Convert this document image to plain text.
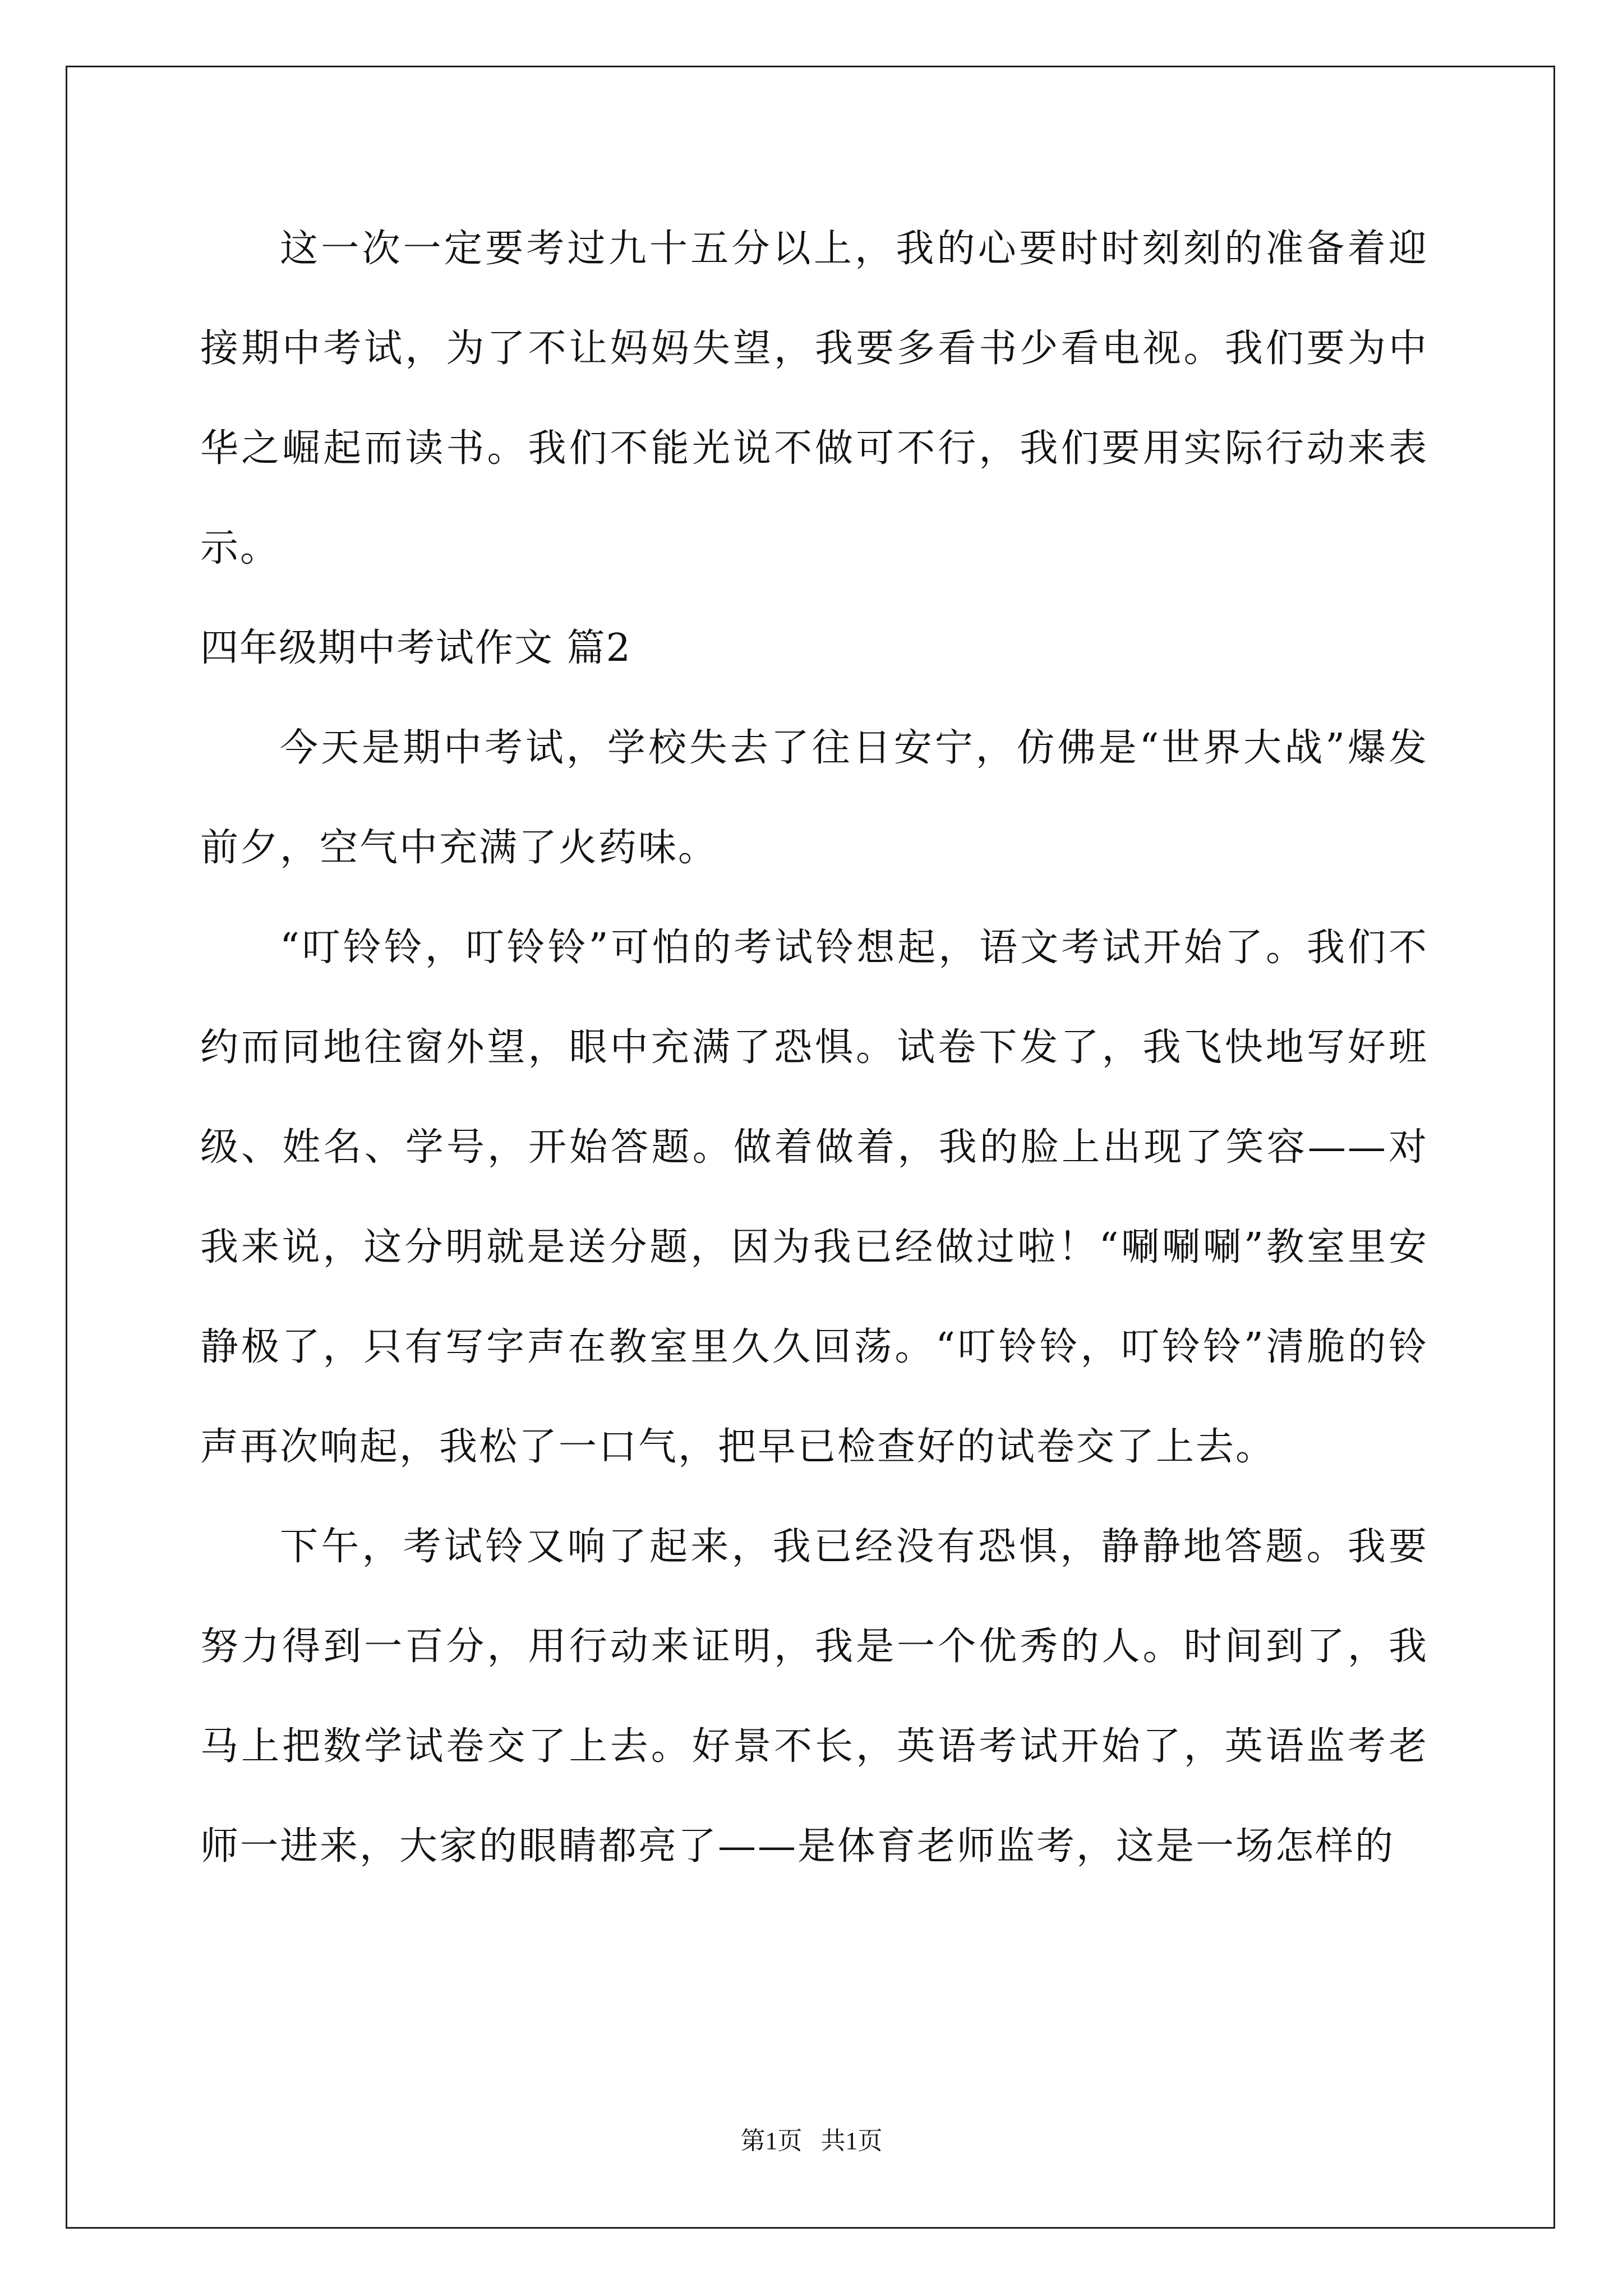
这一次一定要考过九十五分以上，我的心要时时刻刻的准备着迎接期中考试，为了不让妈妈失望，我要多看书少看电视。我们要为中华之崛起而读书。我们不能光说不做可不行，我们要用实际行动来表示。

四年级期中考试作文 篇2

今天是期中考试，学校失去了往日安宁，仿佛是“世界大战”爆发前夕，空气中充满了火药味。

“叮铃铃，叮铃铃”可怕的考试铃想起，语文考试开始了。我们不约而同地往窗外望，眼中充满了恐惧。试卷下发了，我飞快地写好班级、姓名、学号，开始答题。做着做着，我的脸上出现了笑容——对我来说，这分明就是送分题，因为我已经做过啦！“唰唰唰”教室里安静极了，只有写字声在教室里久久回荡。“叮铃铃，叮铃铃”清脆的铃声再次响起，我松了一口气，把早已检查好的试卷交了上去。

下午，考试铃又响了起来，我已经没有恐惧，静静地答题。我要努力得到一百分，用行动来证明，我是一个优秀的人。时间到了，我马上把数学试卷交了上去。好景不长，英语考试开始了，英语监考老师一进来，大家的眼睛都亮了——是体育老师监考，这是一场怎样的

第1页   共1页
